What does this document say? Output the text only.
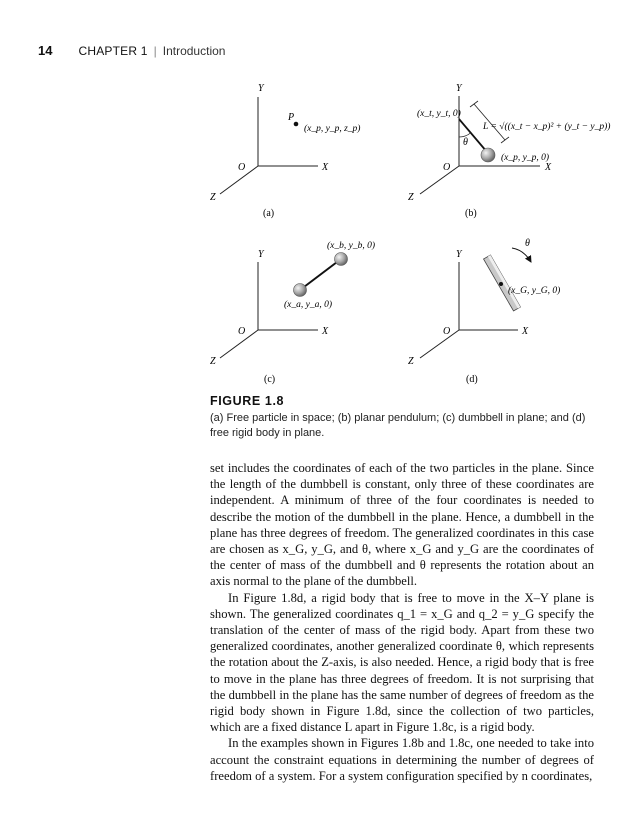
14 CHAPTER 1 | Introduction
Y
X
Z
O
P
(x_p, y_p, z_p)
(a)
Y
X
Z
O
(x_t, y_t, 0)
L = √((x_t − x_p)² + (y_t − y_p))
θ
(x_p, y_p, 0)
(b)
Y
X
Z
O
(x_b, y_b, 0)
(x_a, y_a, 0)
(c)
Y
X
Z
O
θ
(x_G, y_G, 0)
(d)
FIGURE 1.8
(a) Free particle in space; (b) planar pendulum; (c) dumbbell in plane; and (d) free rigid body in plane.

set includes the coordinates of each of the two particles in the plane. Since the length of the dumbbell is constant, only three of these coordinates are independent. A minimum of three of the four coordinates is needed to describe the motion of the dumbbell in the plane. Hence, a dumbbell in the plane has three degrees of freedom. The generalized coordinates in this case are chosen as x_G, y_G, and θ, where x_G and y_G are the coordinates of the center of mass of the dumbbell and θ represents the rotation about an axis normal to the plane of the dumbbell.

In Figure 1.8d, a rigid body that is free to move in the X–Y plane is shown. The generalized coordinates q_1 = x_G and q_2 = y_G specify the translation of the center of mass of the rigid body. Apart from these two generalized coordinates, another generalized coordinate θ, which represents the rotation about the Z-axis, is also needed. Hence, a rigid body that is free to move in the plane has three degrees of freedom. It is not surprising that the dumbbell in the plane has the same number of degrees of freedom as the rigid body shown in Figure 1.8d, since the collection of two particles, which are a fixed distance L apart in Figure 1.8c, is a rigid body.

In the examples shown in Figures 1.8b and 1.8c, one needed to take into account the constraint equations in determining the number of degrees of freedom of a system. For a system configuration specified by n coordinates,
